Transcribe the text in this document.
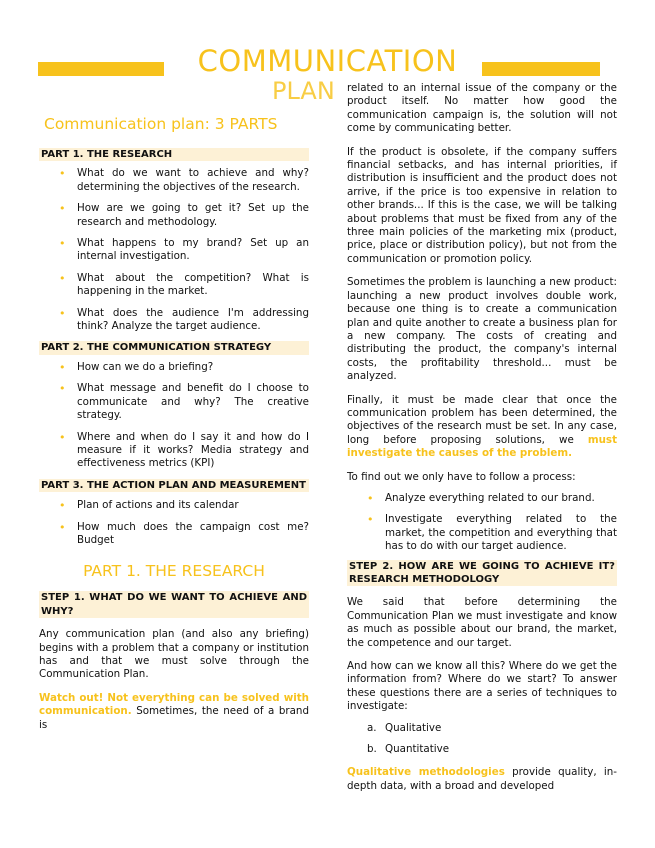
PLAN
COMMUNICATION
Communication plan: 3 PARTS

PART 1. THE RESEARCH

• What do we want to achieve and why? determining the objectives of the research.
• How are we going to get it? Set up the research and methodology.
• What happens to my brand? Set up an internal investigation.
• What about the competition? What is happening in the market.
• What does the audience I'm addressing think? Analyze the target audience.

PART 2. THE COMMUNICATION STRATEGY

• How can we do a briefing?
• What message and benefit do I choose to communicate and why? The creative strategy.
• Where and when do I say it and how do I measure if it works? Media strategy and effectiveness metrics (KPI)

PART 3. THE ACTION PLAN AND MEASUREMENT

• Plan of actions and its calendar
• How much does the campaign cost me? Budget
PART 1. THE RESEARCH

STEP 1. WHAT DO WE WANT TO ACHIEVE AND WHY?

Any communication plan (and also any briefing) begins with a problem that a company or institution has and that we must solve through the Communication Plan.

Watch out! Not everything can be solved with communication. Sometimes, the need of a brand is

related to an internal issue of the company or the product itself. No matter how good the communication campaign is, the solution will not come by communicating better.

If the product is obsolete, if the company suffers financial setbacks, and has internal priorities, if distribution is insufficient and the product does not arrive, if the price is too expensive in relation to other brands... If this is the case, we will be talking about problems that must be fixed from any of the three main policies of the marketing mix (product, price, place or distribution policy), but not from the communication or promotion policy.

Sometimes the problem is launching a new product: launching a new product involves double work, because one thing is to create a communication plan and quite another to create a business plan for a new company. The costs of creating and distributing the product, the company's internal costs, the profitability threshold... must be analyzed.

Finally, it must be made clear that once the communication problem has been determined, the objectives of the research must be set. In any case, long before proposing solutions, we must investigate the causes of the problem.

To find out we only have to follow a process:

• Analyze everything related to our brand.
• Investigate everything related to the market, the competition and everything that has to do with our target audience.

STEP 2. HOW ARE WE GOING TO ACHIEVE IT? RESEARCH METHODOLOGY

We said that before determining the Communication Plan we must investigate and know as much as possible about our brand, the market, the competence and our target.

And how can we know all this? Where do we get the information from? Where do we start? To answer these questions there are a series of techniques to investigate:

a. Qualitative
b. Quantitative

Qualitative methodologies provide quality, in-depth data, with a broad and developed
